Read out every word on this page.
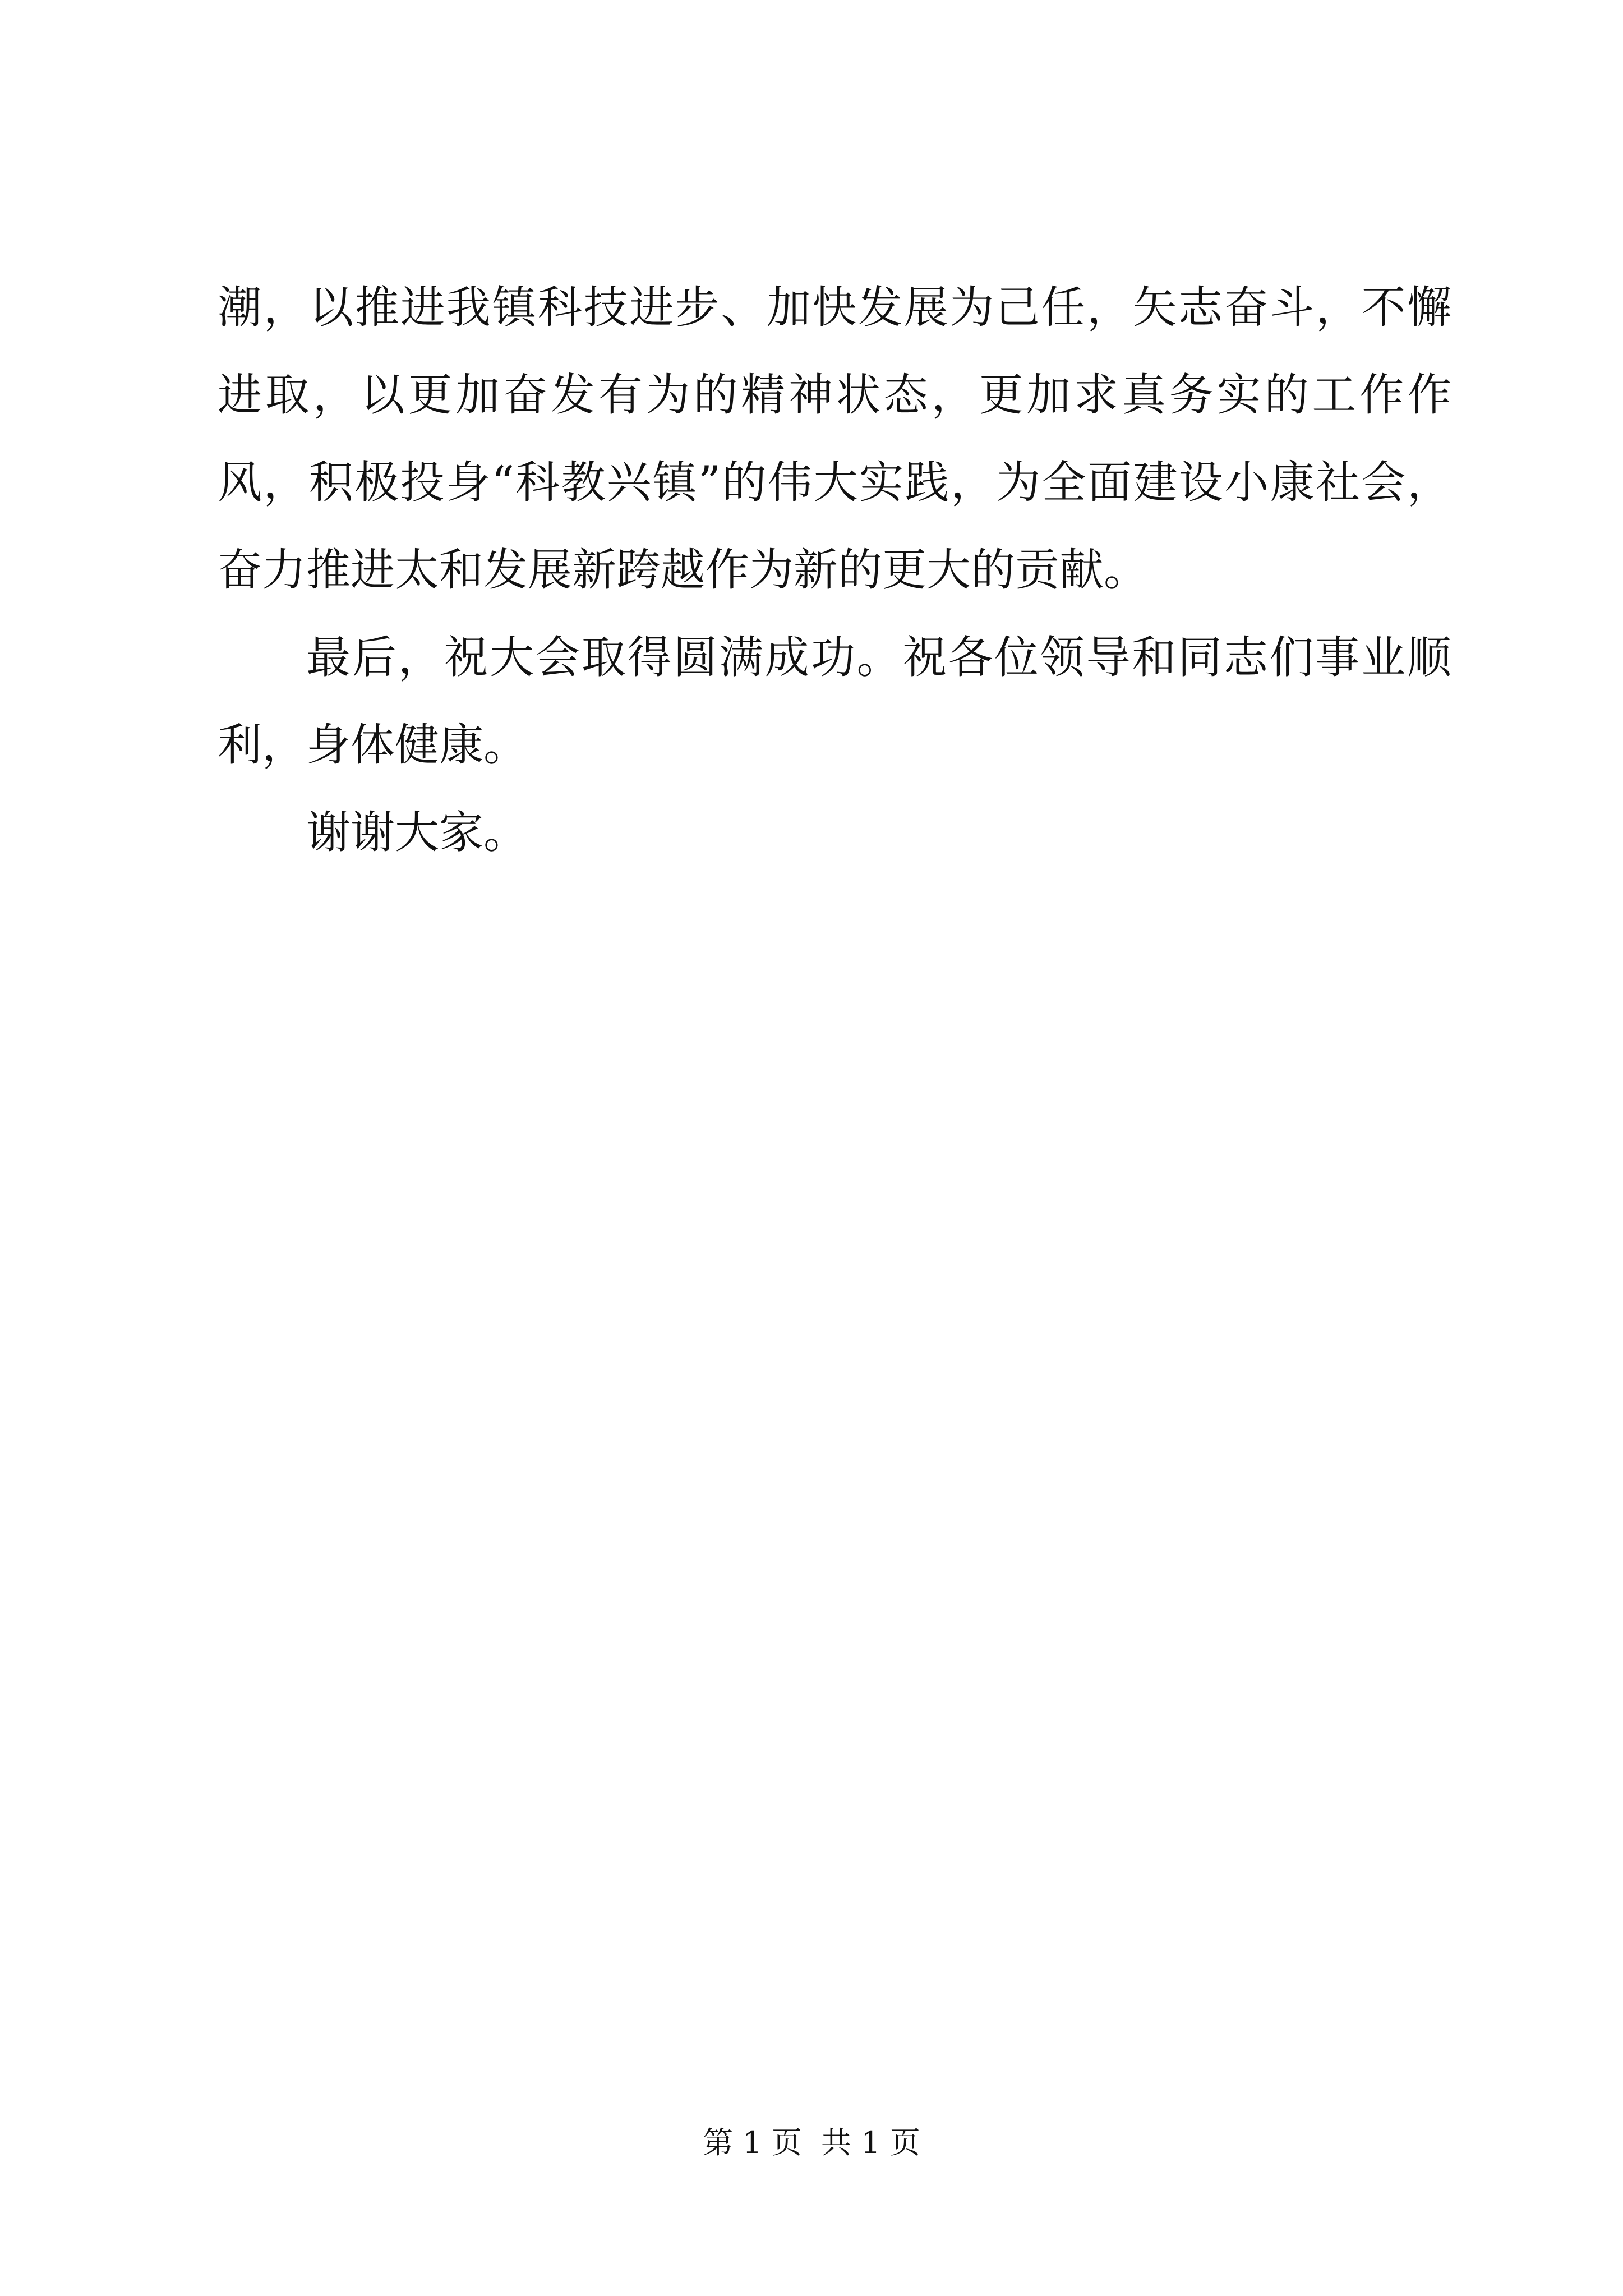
潮，以推进我镇科技进步、加快发展为己任，矢志奋斗，不懈进取，以更加奋发有为的精神状态，更加求真务实的工作作风，积极投身“科教兴镇”的伟大实践，为全面建设小康社会，奋力推进太和发展新跨越作为新的更大的贡献。

最后，祝大会取得圆满成功。祝各位领导和同志们事业顺利，身体健康。

谢谢大家。

第 1 页  共 1 页
